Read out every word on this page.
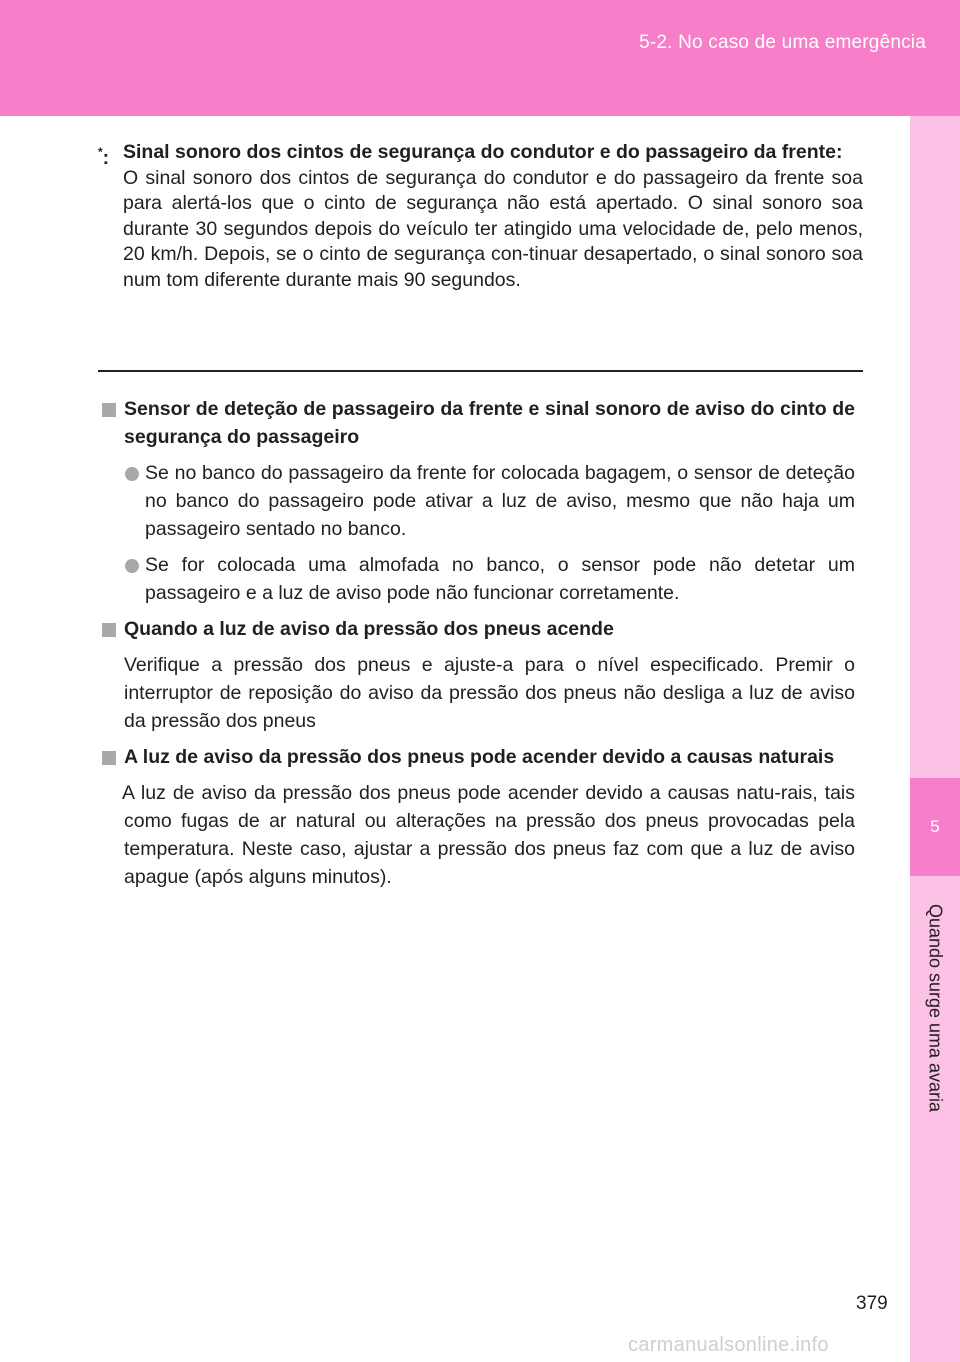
5-2. No caso de uma emergência
5
Quando surge uma avaria
*: Sinal sonoro dos cintos de segurança do condutor e do passageiro da frente:
O sinal sonoro dos cintos de segurança do condutor e do passageiro da frente soa para alertá-los que o cinto de segurança não está apertado. O sinal sonoro soa durante 30 segundos depois do veículo ter atingido uma velocidade de, pelo menos, 20 km/h. Depois, se o cinto de segurança con-tinuar desapertado, o sinal sonoro soa num tom diferente durante mais 90 segundos.
Sensor de deteção de passageiro da frente e sinal sonoro de aviso do cinto de segurança do passageiro
Se no banco do passageiro da frente for colocada bagagem, o sensor de deteção no banco do passageiro pode ativar a luz de aviso, mesmo que não haja um passageiro sentado no banco.
Se for colocada uma almofada no banco, o sensor pode não detetar um passageiro e a luz de aviso pode não funcionar corretamente.
Quando a luz de aviso da pressão dos pneus acende
Verifique a pressão dos pneus e ajuste-a para o nível especificado. Premir o interruptor de reposição do aviso da pressão dos pneus não desliga a luz de aviso da pressão dos pneus
A luz de aviso da pressão dos pneus pode acender devido a causas naturais
A luz de aviso da pressão dos pneus pode acender devido a causas natu-rais, tais como fugas de ar natural ou alterações na pressão dos pneus provocadas pela temperatura. Neste caso, ajustar a pressão dos pneus faz com que a luz de aviso apague (após alguns minutos).
379
carmanualsonline.info
